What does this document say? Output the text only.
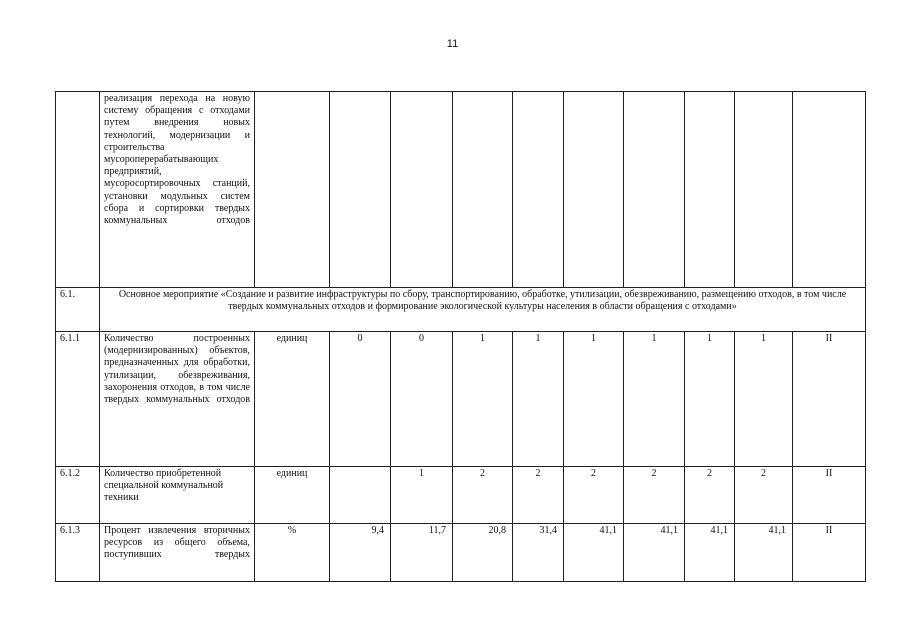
11
	реализация перехода на новую систему обращения с отходами путем внедрения новых технологий, модернизации и строительства мусороперерабатывающих предприятий, мусоросортировочных станций, установки модульных систем сбора и сортировки твердых коммунальных отходов										
6.1.	Основное мероприятие «Создание и развитие инфраструктуры по сбору, транспортированию, обработке, утилизации, обезвреживанию, размещению отходов, в том числе твердых коммунальных отходов и формирование экологической культуры населения в области обращения с отходами»										
6.1.1	Количество построенных (модернизированных) объектов, предназначенных для обработки, утилизации, обезвреживания, захоронения отходов, в том числе твердых коммунальных отходов	единиц	0	0	1	1	1	1	1	1	II
6.1.2	Количество приобретенной специальной коммунальной техники	единиц		1	2	2	2	2	2	2	II
6.1.3	Процент извлечения вторичных ресурсов из общего объема, поступивших твердых	%	9,4	11,7	20,8	31,4	41,1	41,1	41,1	41,1	II
